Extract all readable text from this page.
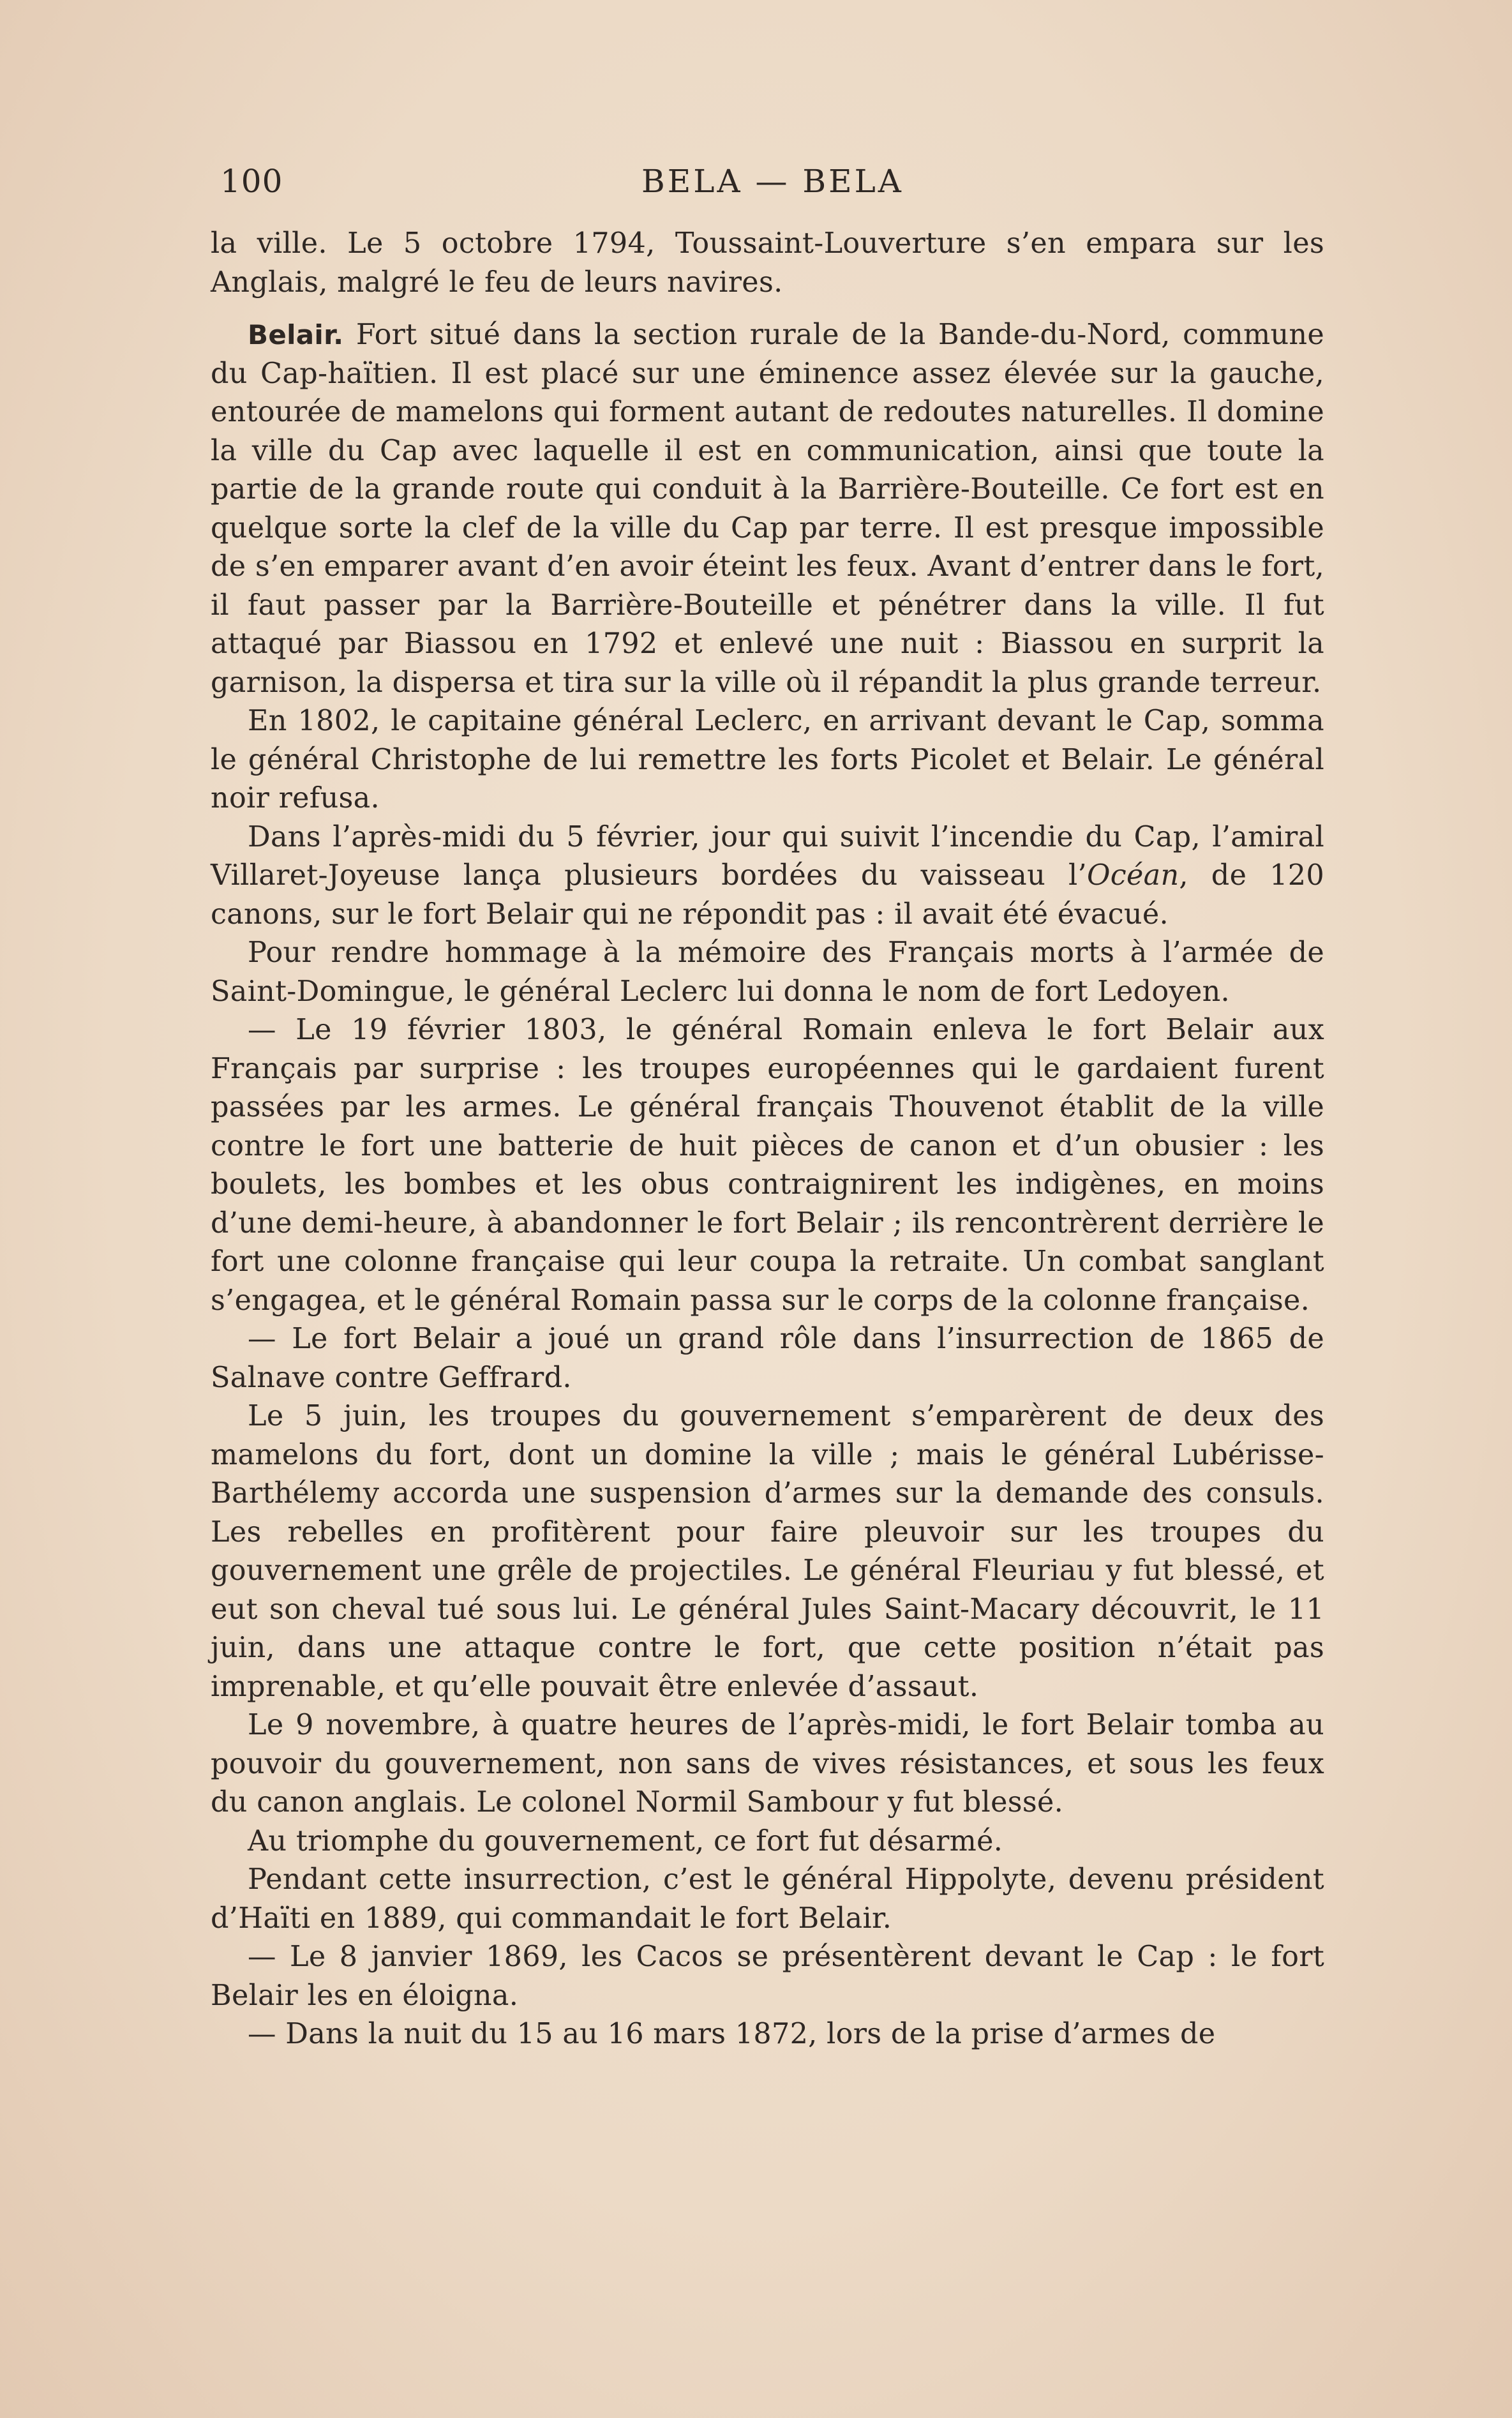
100	BELA — BELA

la ville. Le 5 octobre 1794, Toussaint-Louverture s’en empara sur les Anglais, malgré le feu de leurs navires.

Belair. Fort situé dans la section rurale de la Bande-du-Nord, commune du Cap-haïtien. Il est placé sur une éminence assez élevée sur la gauche, entourée de mamelons qui forment autant de redoutes naturelles. Il domine la ville du Cap avec laquelle il est en communication, ainsi que toute la partie de la grande route qui conduit à la Barrière-Bouteille. Ce fort est en quelque sorte la clef de la ville du Cap par terre. Il est presque impossible de s’en emparer avant d’en avoir éteint les feux. Avant d’entrer dans le fort, il faut passer par la Barrière-Bouteille et pénétrer dans la ville. Il fut attaqué par Biassou en 1792 et enlevé une nuit : Biassou en surprit la garnison, la dispersa et tira sur la ville où il répandit la plus grande terreur.

En 1802, le capitaine général Leclerc, en arrivant devant le Cap, somma le général Christophe de lui remettre les forts Picolet et Belair. Le général noir refusa.

Dans l’après-midi du 5 février, jour qui suivit l’incendie du Cap, l’amiral Villaret-Joyeuse lança plusieurs bordées du vaisseau l’Océan, de 120 canons, sur le fort Belair qui ne répondit pas : il avait été évacué.

Pour rendre hommage à la mémoire des Français morts à l’armée de Saint-Domingue, le général Leclerc lui donna le nom de fort Ledoyen.

— Le 19 février 1803, le général Romain enleva le fort Belair aux Français par surprise : les troupes européennes qui le gardaient furent passées par les armes. Le général français Thouvenot établit de la ville contre le fort une batterie de huit pièces de canon et d’un obusier : les boulets, les bombes et les obus contraignirent les indigènes, en moins d’une demi-heure, à abandonner le fort Belair ; ils rencontrèrent derrière le fort une colonne française qui leur coupa la retraite. Un combat sanglant s’engagea, et le général Romain passa sur le corps de la colonne française.

— Le fort Belair a joué un grand rôle dans l’insurrection de 1865 de Salnave contre Geffrard.

Le 5 juin, les troupes du gouvernement s’emparèrent de deux des mamelons du fort, dont un domine la ville ; mais le général Lubérisse-Barthélemy accorda une suspension d’armes sur la demande des consuls. Les rebelles en profitèrent pour faire pleuvoir sur les troupes du gouvernement une grêle de projectiles. Le général Fleuriau y fut blessé, et eut son cheval tué sous lui. Le général Jules Saint-Macary découvrit, le 11 juin, dans une attaque contre le fort, que cette position n’était pas imprenable, et qu’elle pouvait être enlevée d’assaut.

Le 9 novembre, à quatre heures de l’après-midi, le fort Belair tomba au pouvoir du gouvernement, non sans de vives résistances, et sous les feux du canon anglais. Le colonel Normil Sambour y fut blessé.

Au triomphe du gouvernement, ce fort fut désarmé.

Pendant cette insurrection, c’est le général Hippolyte, devenu président d’Haïti en 1889, qui commandait le fort Belair.

— Le 8 janvier 1869, les Cacos se présentèrent devant le Cap : le fort Belair les en éloigna.

— Dans la nuit du 15 au 16 mars 1872, lors de la prise d’armes de
